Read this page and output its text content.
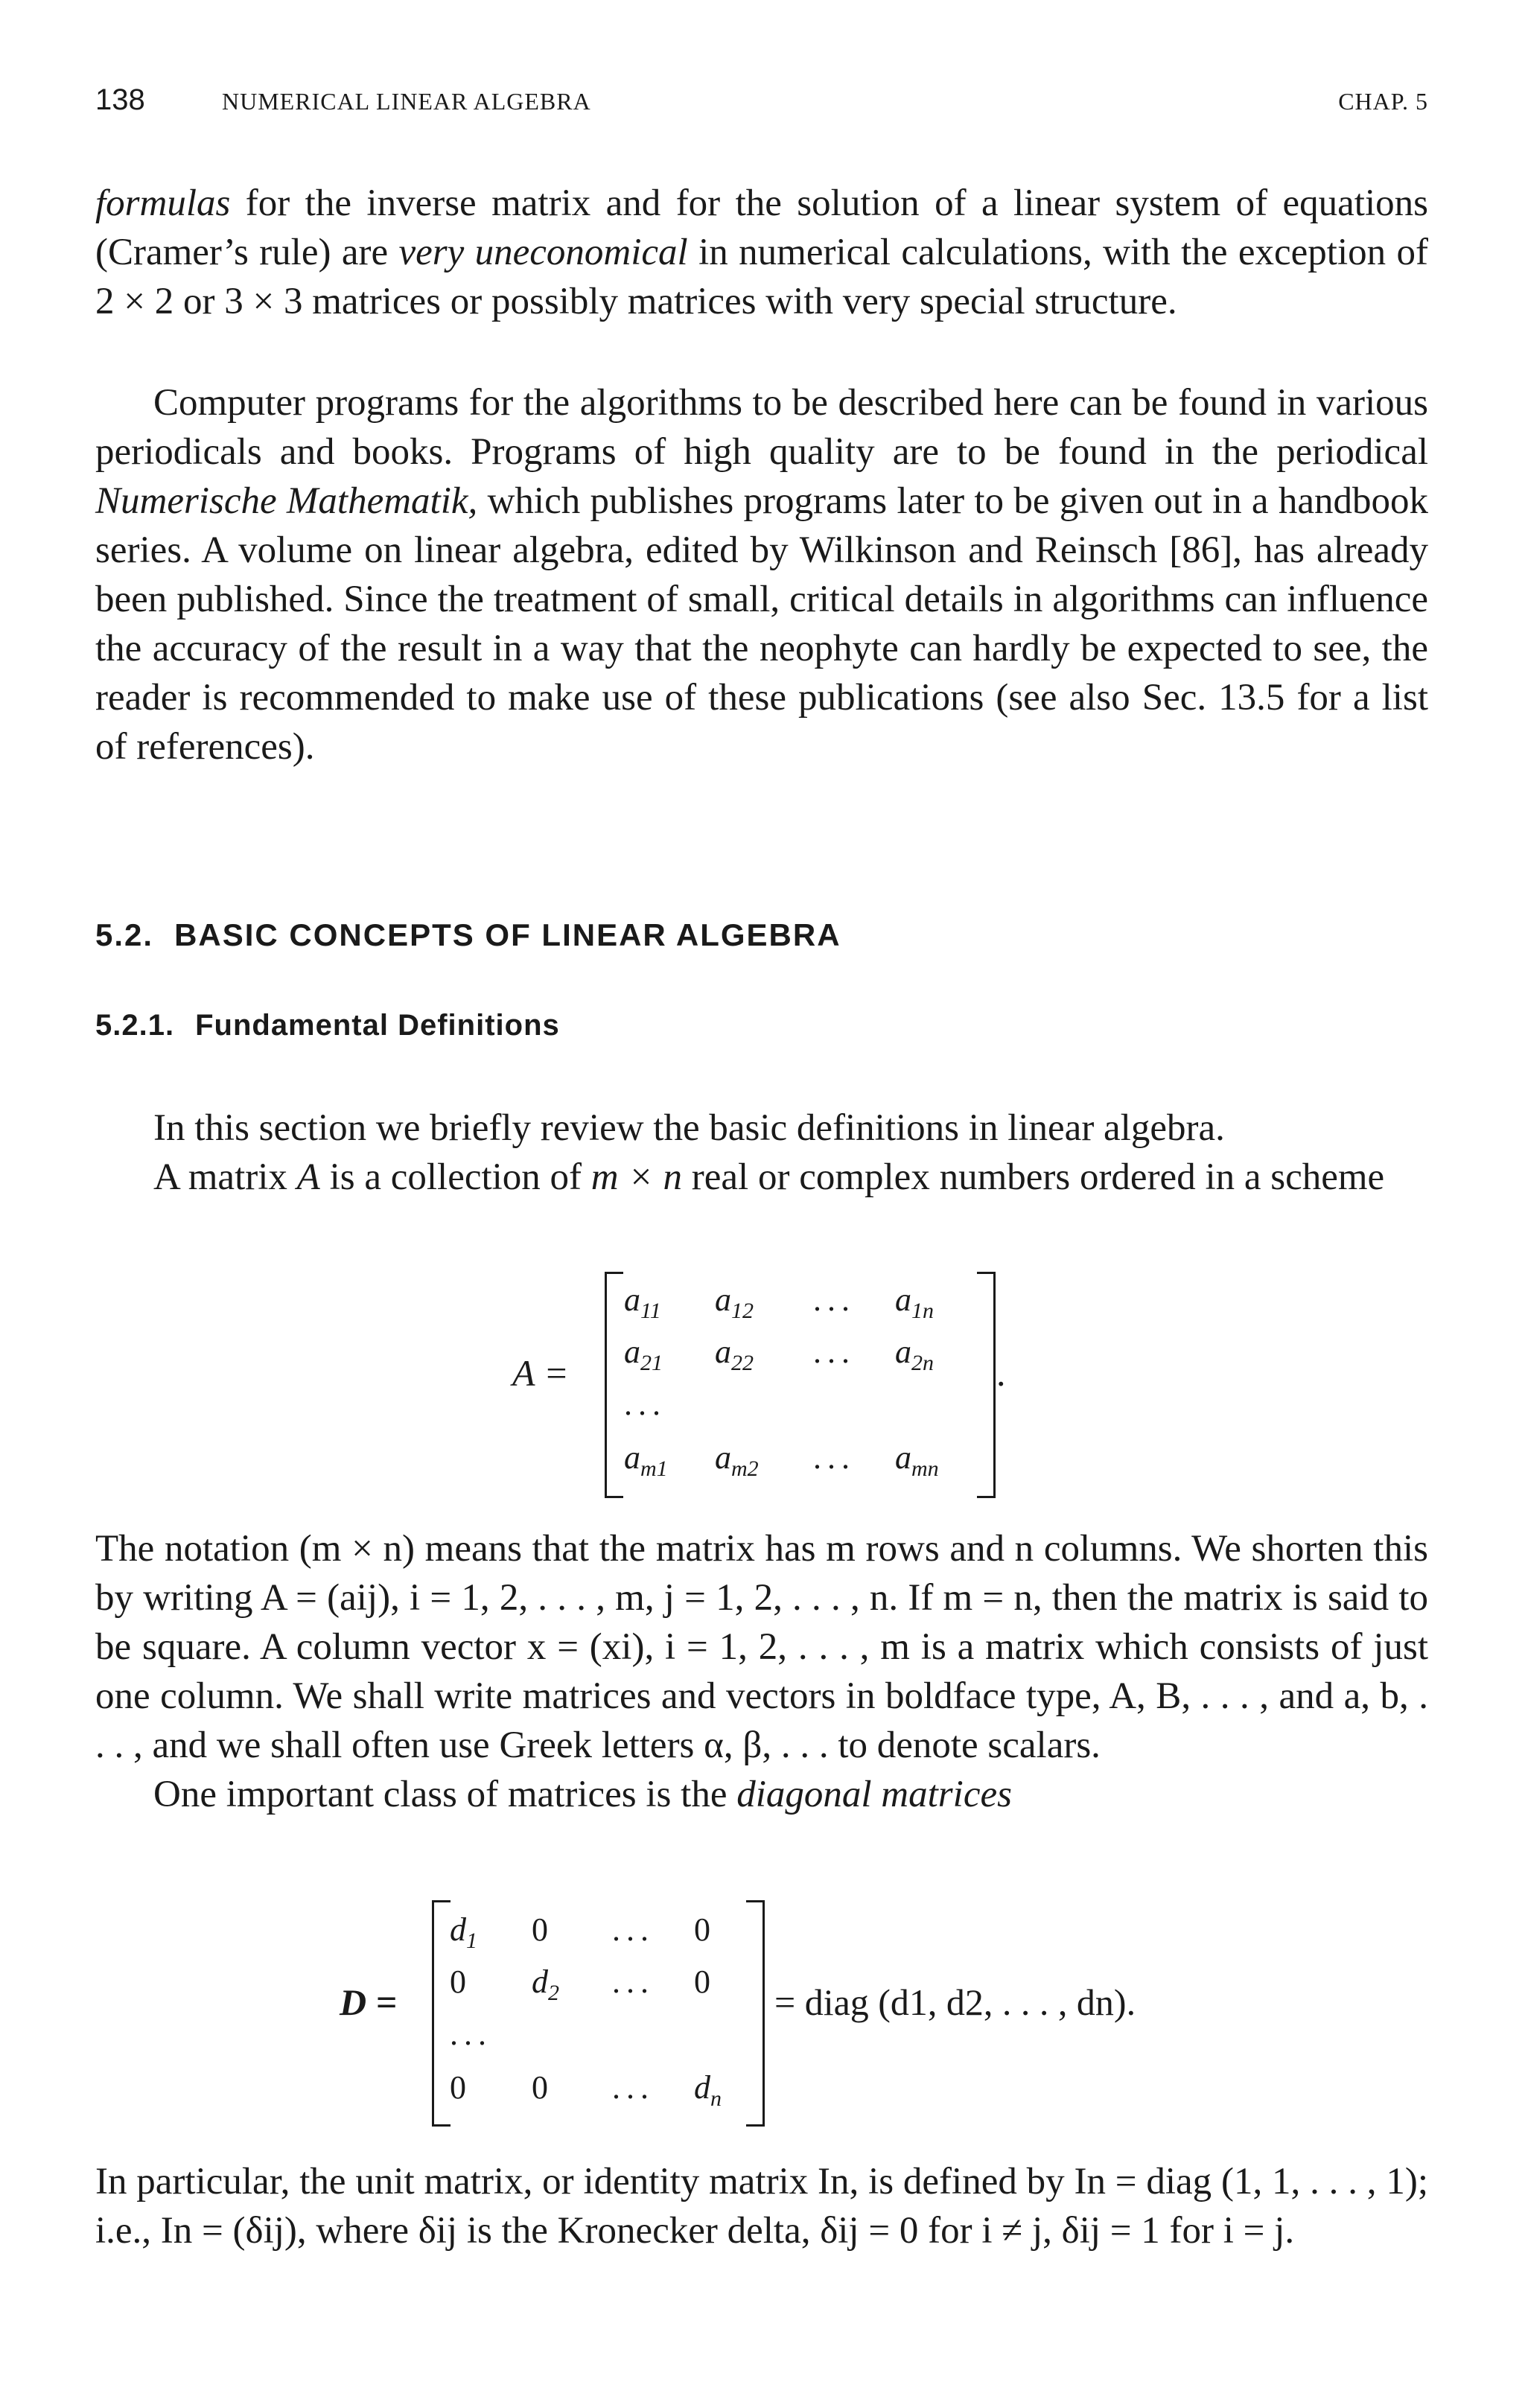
138	NUMERICAL LINEAR ALGEBRA	CHAP. 5

formulas for the inverse matrix and for the solution of a linear system of equations (Cramer’s rule) are very uneconomical in numerical calculations, with the exception of 2 × 2 or 3 × 3 matrices or possibly matrices with very special structure.

Computer programs for the algorithms to be described here can be found in various periodicals and books. Programs of high quality are to be found in the periodical Numerische Mathematik, which publishes programs later to be given out in a handbook series. A volume on linear algebra, edited by Wilkinson and Reinsch [86], has already been published. Since the treatment of small, critical details in algorithms can influence the accuracy of the result in a way that the neophyte can hardly be expected to see, the reader is recommended to make use of these publications (see also Sec. 13.5 for a list of references).

5.2. BASIC CONCEPTS OF LINEAR ALGEBRA
5.2.1. Fundamental Definitions

In this section we briefly review the basic definitions in linear algebra.

A matrix A is a collection of m × n real or complex numbers ordered in a scheme

A =
$a_{11}$ $a_{12}$ ... $a_{1n}$
$a_{21}$ $a_{22}$ ... $a_{2n}$
...
$a_{m1}$ $a_{m2}$ ... $a_{mn}$
.

The notation (m × n) means that the matrix has m rows and n columns. We shorten this by writing A = (aij), i = 1, 2, . . . , m, j = 1, 2, . . . , n. If m = n, then the matrix is said to be square. A column vector x = (xi), i = 1, 2, . . . , m is a matrix which consists of just one column. We shall write matrices and vectors in boldface type, A, B, . . . , and a, b, . . . , and we shall often use Greek letters α, β, . . . to denote scalars.

One important class of matrices is the diagonal matrices

D =
$d_1$ 0 ... 0
0 $d_2$ ... 0
...
0 0 ... $d_n$
= diag (d1, d2, . . . , dn).

In particular, the unit matrix, or identity matrix In, is defined by In = diag (1, 1, . . . , 1); i.e., In = (δij), where δij is the Kronecker delta, δij = 0 for i ≠ j, δij = 1 for i = j.
